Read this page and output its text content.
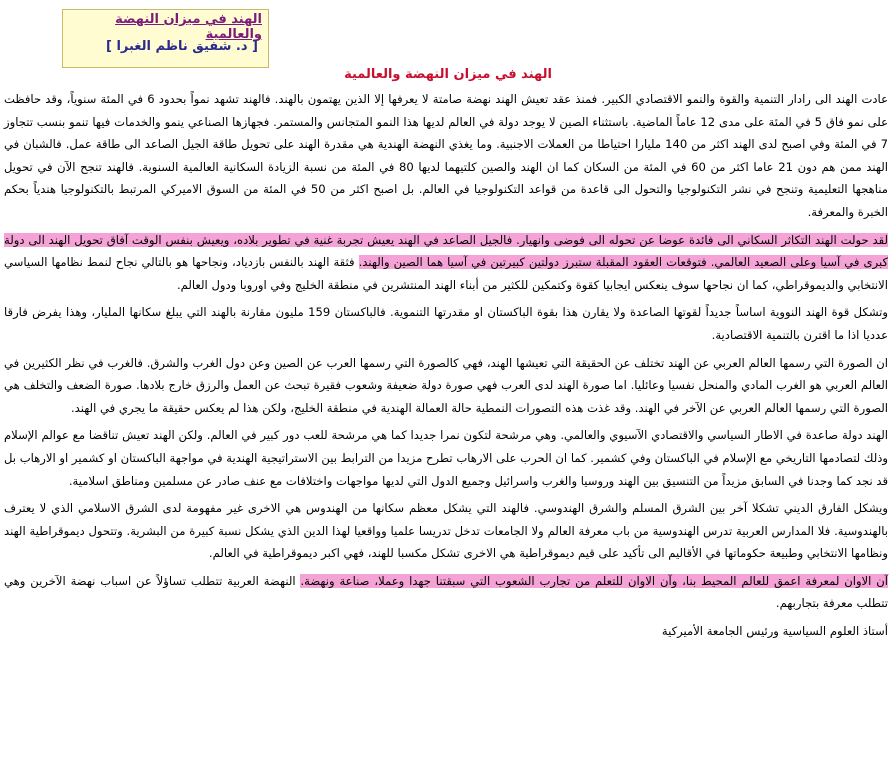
الهند في ميزان النهضة والعالمية
[ د. شفيق ناظم الغبرا ]
الهند في ميزان النهضة والعالمية

عادت الهند الى رادار التنمية والقوة والنمو الاقتصادي الكبير. فمنذ عقد تعيش الهند نهضة صامتة لا يعرفها إلا الذين يهتمون بالهند. فالهند تشهد نمواً بحدود 6 في المئة سنوياً، وقد حافظت على نمو فاق 5 في المئة على مدى 12 عاماً الماضية. باستثناء الصين لا يوجد دولة في العالم لديها هذا النمو المتجانس والمستمر. فجهازها الصناعي ينمو والخدمات فيها تنمو بنسب تتجاوز 7 في المئة وفي اصبح لدى الهند اكثر من 140 مليارا احتياطا من العملات الاجنبية. وما يغذي النهضة الهندية هي مقدرة الهند على تحويل طاقة الجيل الصاعد الى طاقة عمل. فالشبان في الهند ممن هم دون 21 عاما اكثر من 60 في المئة من السكان كما ان الهند والصين كلتيهما لديها 80 في المئة من نسبة الزيادة السكانية العالمية السنوية. فالهند تنجح الآن في تحويل مناهجها التعليمية وتنجح في نشر التكنولوجيا والتحول الى قاعدة من قواعد التكنولوجيا في العالم. بل اصبح اكثر من 50 في المئة من السوق الاميركي المرتبط بالتكنولوجيا هندياً بحكم الخبرة والمعرفة.

لقد حولت الهند التكاثر السكاني الى فائدة عوضا عن تحوله الى فوضى وانهيار. فالجيل الصاعد في الهند يعيش تجربة غنية في تطوير بلاده، ويعيش بنفس الوقت آفاق تحويل الهند الى دولة كبرى في آسيا وعلى الصعيد العالمي. فتوقعات العقود المقبلة ستبرز دولتين كبيرتين في آسيا هما الصين والهند. فثقة الهند بالنفس بازدياد، ونجاحها هو بالتالي نجاح لنمط نظامها السياسي الانتخابي والديموقراطي، كما ان نجاحها سوف ينعكس ايجابيا كقوة وكتمكين للكثير من أبناء الهند المنتشرين في منطقة الخليج وفي اوروبا ودول العالم.

وتشكل قوة الهند النووية اساساً جديداً لقوتها الصاعدة ولا يقارن هذا بقوة الباكستان او مقدرتها التنموية. فالباكستان 159 مليون مقارنة بالهند التي يبلغ سكانها المليار، وهذا يفرض فارقا عدديا اذا ما اقترن بالتنمية الاقتصادية.

ان الصورة التي رسمها العالم العربي عن الهند تختلف عن الحقيقة التي تعيشها الهند، فهي كالصورة التي رسمها العرب عن الصين وعن دول الغرب والشرق. فالغرب في نظر الكثيرين في العالم العربي هو الغرب المادي والمنحل نفسيا وعائليا. اما صورة الهند لدى العرب فهي صورة دولة ضعيفة وشعوب فقيرة تبحث عن العمل والرزق خارج بلادها. صورة الضعف والتخلف هي الصورة التي رسمها العالم العربي عن الآخر في الهند. وقد غذت هذه التصورات النمطية حالة العمالة الهندية في منطقة الخليج، ولكن هذا لم يعكس حقيقة ما يجري في الهند.

الهند دولة صاعدة في الاطار السياسي والاقتصادي الآسيوي والعالمي. وهي مرشحة لتكون نمرا جديدا كما هي مرشحة للعب دور كبير في العالم. ولكن الهند تعيش تناقضا مع عوالم الإسلام وذلك لتصادمها التاريخي مع الإسلام في الباكستان وفي كشمير. كما ان الحرب على الارهاب تطرح مزيدا من الترابط بين الاستراتيجية الهندية في مواجهة الباكستان او كشمير او الارهاب بل قد نجد كما وجدنا في السابق مزيداً من التنسيق بين الهند وروسيا والغرب واسرائيل وجميع الدول التي لديها مواجهات واختلافات مع عنف صادر عن مسلمين ومناطق اسلامية.

ويشكل الفارق الديني تشكلا آخر بين الشرق المسلم والشرق الهندوسي. فالهند التي يشكل معظم سكانها من الهندوس هي الاخرى غير مفهومة لدى الشرق الاسلامي الذي لا يعترف بالهندوسية. فلا المدارس العربية تدرس الهندوسية من باب معرفة العالم ولا الجامعات تدخل تدريسا علميا وواقعيا لهذا الدين الذي يشكل نسبة كبيرة من البشرية. وتتحول ديموقراطية الهند ونظامها الانتخابي وطبيعة حكوماتها في الأقاليم الى تأكيد على قيم ديموقراطية هي الاخرى تشكل مكسبا للهند، فهي اكبر ديموقراطية في العالم.

آن الاوان لمعرفة اعمق للعالم المحيط بنا، وآن الاوان للتعلم من تجارب الشعوب التي سبقتنا جهدا وعملا، صناعة ونهضة. النهضة العربية تتطلب تساؤلاً عن اسباب نهضة الآخرين وهي تتطلب معرفة بتجاربهم.

أستاذ العلوم السياسية ورئيس الجامعة الأميركية
